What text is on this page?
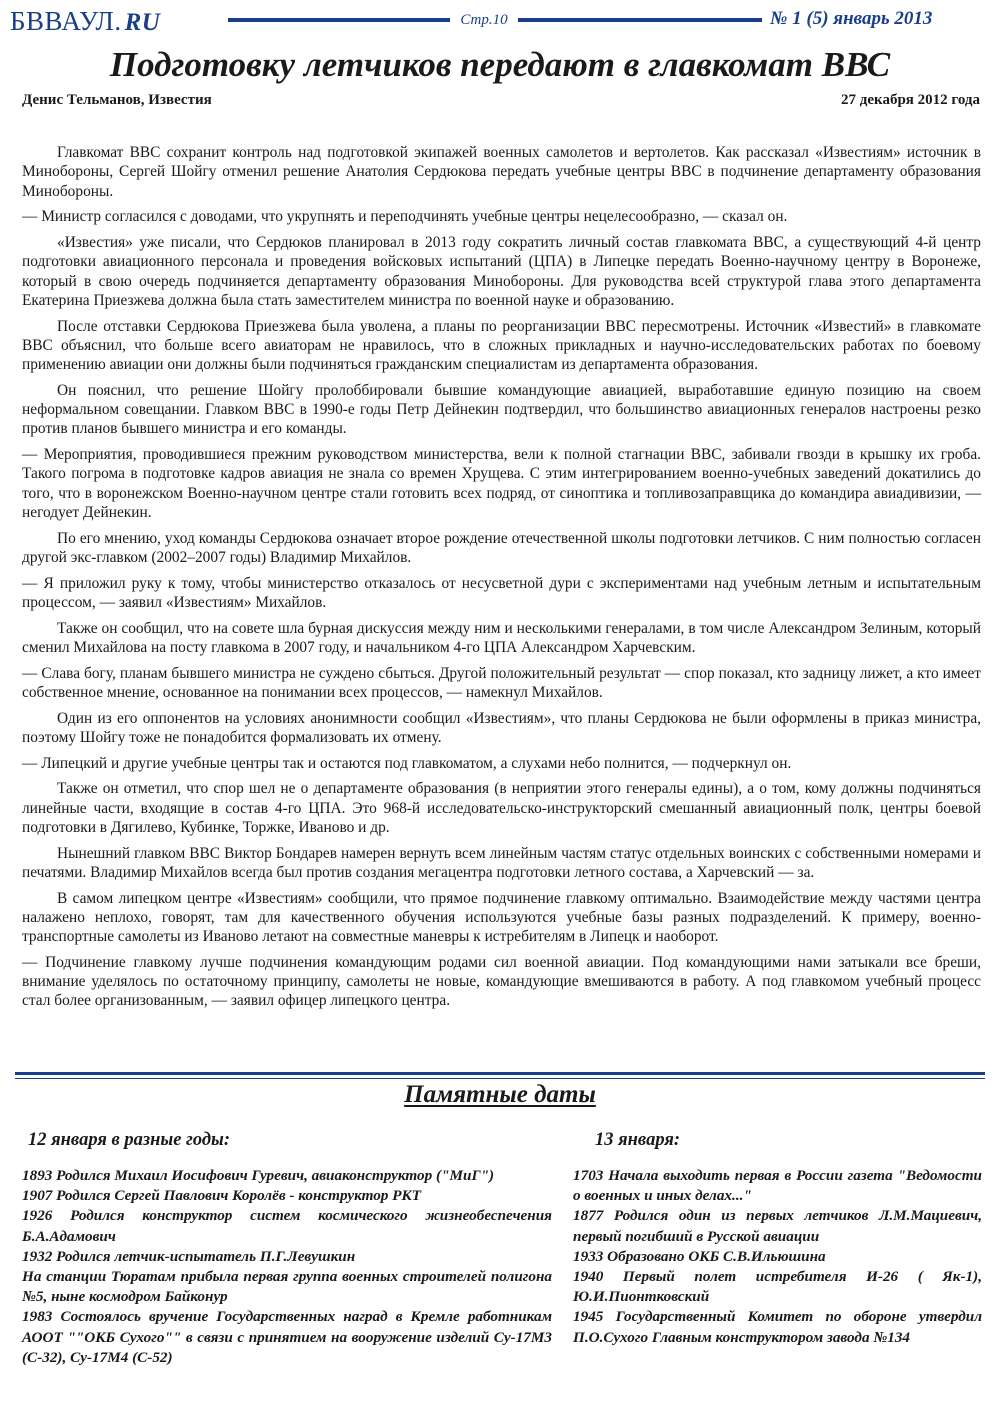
БВВАУЛ. RU	Стр.10	№ 1 (5) январь 2013
Подготовку летчиков передают в главкомат ВВС
Денис Тельманов, Известия	27 декабря 2012 года

Главкомат ВВС сохранит контроль над подготовкой экипажей военных самолетов и вертолетов. Как рассказал «Известиям» источник в Минобороны, Сергей Шойгу отменил решение Анатолия Сердюкова передать учебные центры ВВС в подчинение департаменту образования Минобороны.

— Министр согласился с доводами, что укрупнять и переподчинять учебные центры нецелесообразно, — сказал он.

«Известия» уже писали, что Сердюков планировал в 2013 году сократить личный состав главкомата ВВС, а существующий 4-й центр подготовки авиационного персонала и проведения войсковых испытаний (ЦПА) в Липецке передать Военно-научному центру в Воронеже, который в свою очередь подчиняется департаменту образования Минобороны. Для руководства всей структурой глава этого департамента Екатерина Приезжева должна была стать заместителем министра по военной науке и образованию.

После отставки Сердюкова Приезжева была уволена, а планы по реорганизации ВВС пересмотрены. Источник «Известий» в главкомате ВВС объяснил, что больше всего авиаторам не нравилось, что в сложных прикладных и научно-исследовательских работах по боевому применению авиации они должны были подчиняться гражданским специалистам из департамента образования.

Он пояснил, что решение Шойгу пролоббировали бывшие командующие авиацией, выработавшие единую позицию на своем неформальном совещании. Главком ВВС в 1990-е годы Петр Дейнекин подтвердил, что большинство авиационных генералов настроены резко против планов бывшего министра и его команды.

— Мероприятия, проводившиеся прежним руководством министерства, вели к полной стагнации ВВС, забивали гвозди в крышку их гроба. Такого погрома в подготовке кадров авиация не знала со времен Хрущева. С этим интегрированием военно-учебных заведений докатились до того, что в воронежском Военно-научном центре стали готовить всех подряд, от синоптика и топливозаправщика до командира авиадивизии, — негодует Дейнекин.

По его мнению, уход команды Сердюкова означает второе рождение отечественной школы подготовки летчиков. С ним полностью согласен другой экс-главком (2002–2007 годы) Владимир Михайлов.

— Я приложил руку к тому, чтобы министерство отказалось от несусветной дури с экспериментами над учебным летным и испытательным процессом, — заявил «Известиям» Михайлов.

Также он сообщил, что на совете шла бурная дискуссия между ним и несколькими генералами, в том числе Александром Зелиным, который сменил Михайлова на посту главкома в 2007 году, и начальником 4-го ЦПА Александром Харчевским.

— Слава богу, планам бывшего министра не суждено сбыться. Другой положительный результат — спор показал, кто задницу лижет, а кто имеет собственное мнение, основанное на понимании всех процессов, — намекнул Михайлов.

Один из его оппонентов на условиях анонимности сообщил «Известиям», что планы Сердюкова не были оформлены в приказ министра, поэтому Шойгу тоже не понадобится формализовать их отмену.

— Липецкий и другие учебные центры так и остаются под главкоматом, а слухами небо полнится, — подчеркнул он.

Также он отметил, что спор шел не о департаменте образования (в неприятии этого генералы едины), а о том, кому должны подчиняться линейные части, входящие в состав 4-го ЦПА. Это 968-й исследовательско-инструкторский смешанный авиационный полк, центры боевой подготовки в Дягилево, Кубинке, Торжке, Иваново и др.

Нынешний главком ВВС Виктор Бондарев намерен вернуть всем линейным частям статус отдельных воинских с собственными номерами и печатями. Владимир Михайлов всегда был против создания мегацентра подготовки летного состава, а Харчевский — за.

В самом липецком центре «Известиям» сообщили, что прямое подчинение главкому оптимально. Взаимодействие между частями центра налажено неплохо, говорят, там для качественного обучения используются учебные базы разных подразделений. К примеру, военно-транспортные самолеты из Иваново летают на совместные маневры к истребителям в Липецк и наоборот.

— Подчинение главкому лучше подчинения командующим родами сил военной авиации. Под командующими нами затыкали все бреши, внимание уделялось по остаточному принципу, самолеты не новые, командующие вмешиваются в работу. А под главкомом учебный процесс стал более организованным, — заявил офицер липецкого центра.

Памятные даты
12 января в разные годы:
1893 Родился Михаил Иосифович Гуревич, авиаконструктор ("МиГ")
1907 Родился Сергей Павлович Королёв - конструктор РКТ
1926 Родился конструктор систем космического жизнеобеспечения Б.А.Адамович
1932 Родился летчик-испытатель П.Г.Левушкин
На станции Тюратам прибыла первая группа военных строителей полигона №5, ныне космодром Байконур
1983 Состоялось вручение Государственных наград в Кремле работникам АООТ ""ОКБ Сухого"" в связи с принятием на вооружение изделий Су-17М3 (С-32), Су-17М4 (С-52)
13 января:
1703 Начала выходить первая в России газета "Ведомости о военных и иных делах..."
1877 Родился один из первых летчиков Л.М.Мациевич, первый погибший в Русской авиации
1933 Образовано ОКБ С.В.Ильюшина
1940 Первый полет истребителя И-26 ( Як-1), Ю.И.Пионтковский
1945 Государственный Комитет по обороне утвердил П.О.Сухого Главным конструктором завода №134
